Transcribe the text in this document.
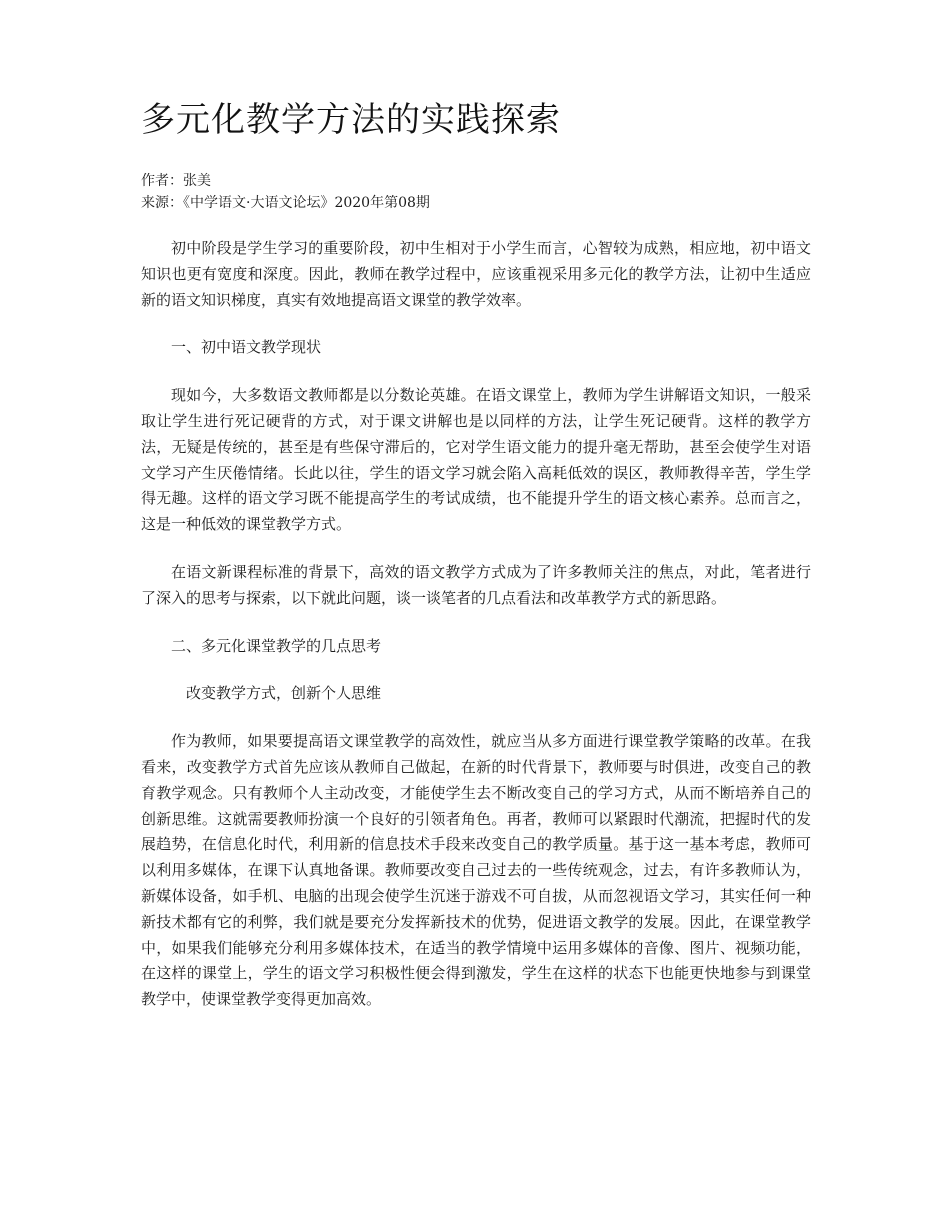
多元化教学方法的实践探索
作者：张美
来源：《中学语文·大语文论坛》2020年第08期

初中阶段是学生学习的重要阶段，初中生相对于小学生而言，心智较为成熟，相应地，初中语文知识也更有宽度和深度。因此，教师在教学过程中，应该重视采用多元化的教学方法，让初中生适应新的语文知识梯度，真实有效地提高语文课堂的教学效率。

一、初中语文教学现状

现如今，大多数语文教师都是以分数论英雄。在语文课堂上，教师为学生讲解语文知识，一般采取让学生进行死记硬背的方式，对于课文讲解也是以同样的方法，让学生死记硬背。这样的教学方法，无疑是传统的，甚至是有些保守滞后的，它对学生语文能力的提升毫无帮助，甚至会使学生对语文学习产生厌倦情绪。长此以往，学生的语文学习就会陷入高耗低效的误区，教师教得辛苦，学生学得无趣。这样的语文学习既不能提高学生的考试成绩，也不能提升学生的语文核心素养。总而言之，这是一种低效的课堂教学方式。

在语文新课程标准的背景下，高效的语文教学方式成为了许多教师关注的焦点，对此，笔者进行了深入的思考与探索，以下就此问题，谈一谈笔者的几点看法和改革教学方式的新思路。

二、多元化课堂教学的几点思考

改变教学方式，创新个人思维

作为教师，如果要提高语文课堂教学的高效性，就应当从多方面进行课堂教学策略的改革。在我看来，改变教学方式首先应该从教师自己做起，在新的时代背景下，教师要与时俱进，改变自己的教育教学观念。只有教师个人主动改变，才能使学生去不断改变自己的学习方式，从而不断培养自己的创新思维。这就需要教师扮演一个良好的引领者角色。再者，教师可以紧跟时代潮流，把握时代的发展趋势，在信息化时代，利用新的信息技术手段来改变自己的教学质量。基于这一基本考虑，教师可以利用多媒体，在课下认真地备课。教师要改变自己过去的一些传统观念，过去，有许多教师认为，新媒体设备，如手机、电脑的出现会使学生沉迷于游戏不可自拔，从而忽视语文学习，其实任何一种新技术都有它的利弊，我们就是要充分发挥新技术的优势，促进语文教学的发展。因此，在课堂教学中，如果我们能够充分利用多媒体技术，在适当的教学情境中运用多媒体的音像、图片、视频功能，在这样的课堂上，学生的语文学习积极性便会得到激发，学生在这样的状态下也能更快地参与到课堂教学中，使课堂教学变得更加高效。
